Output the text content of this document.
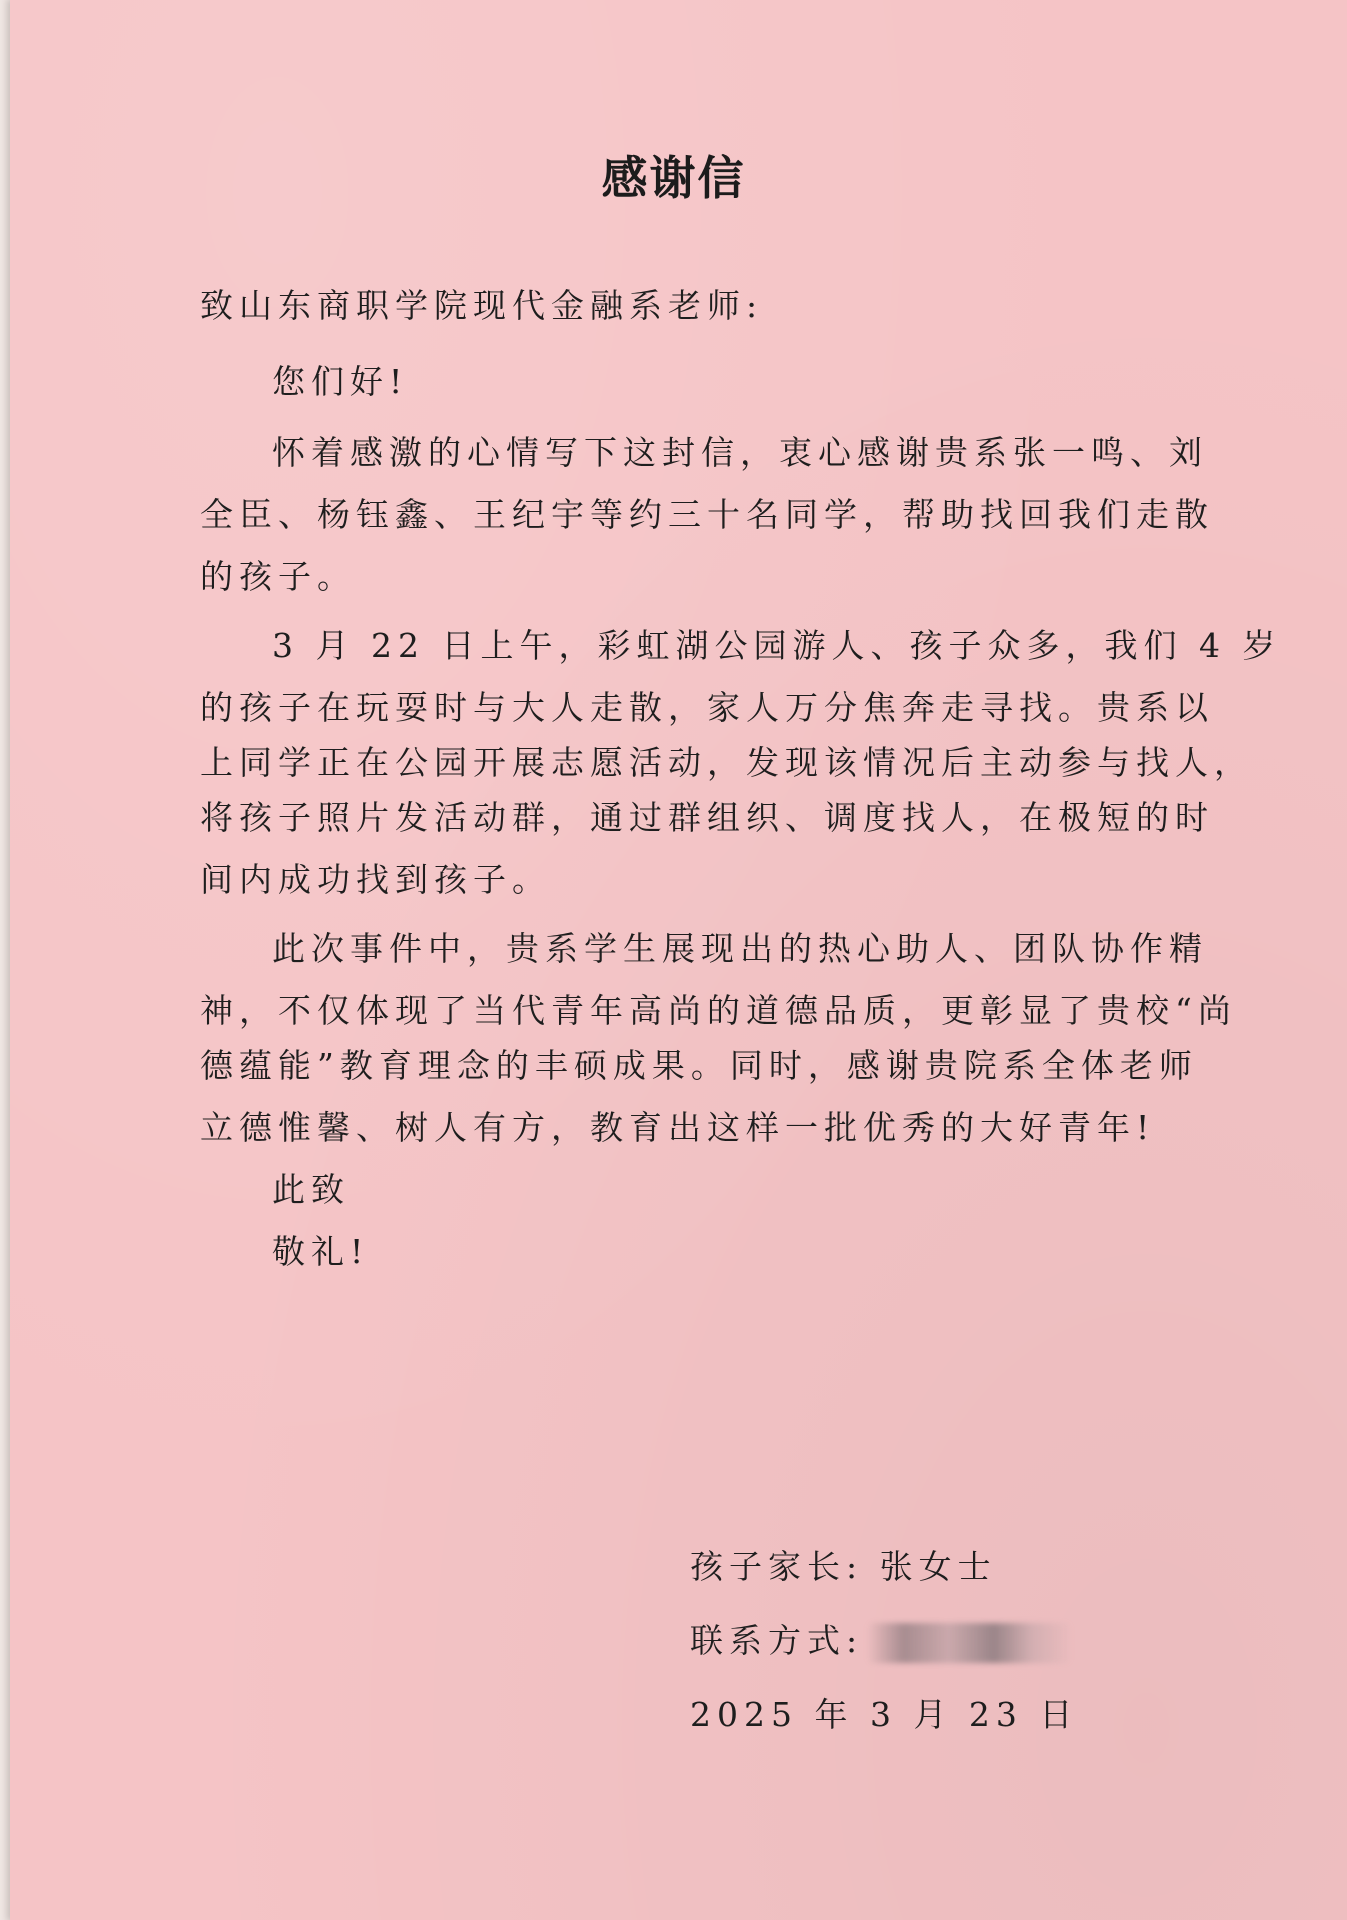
感谢信
致山东商职学院现代金融系老师:
您们好!
怀着感激的心情写下这封信，衷心感谢贵系张一鸣、刘
全臣、杨钰鑫、王纪宇等约三十名同学，帮助找回我们走散
的孩子。
3 月 22 日上午，彩虹湖公园游人、孩子众多，我们 4 岁
的孩子在玩耍时与大人走散，家人万分焦奔走寻找。贵系以
上同学正在公园开展志愿活动，发现该情况后主动参与找人，
将孩子照片发活动群，通过群组织、调度找人，在极短的时
间内成功找到孩子。
此次事件中，贵系学生展现出的热心助人、团队协作精
神，不仅体现了当代青年高尚的道德品质，更彰显了贵校“尚
德蕴能”教育理念的丰硕成果。同时，感谢贵院系全体老师
立德惟馨、树人有方，教育出这样一批优秀的大好青年!
此致
敬礼!
孩子家长: 张女士
联系方式:
2025 年 3 月 23 日
